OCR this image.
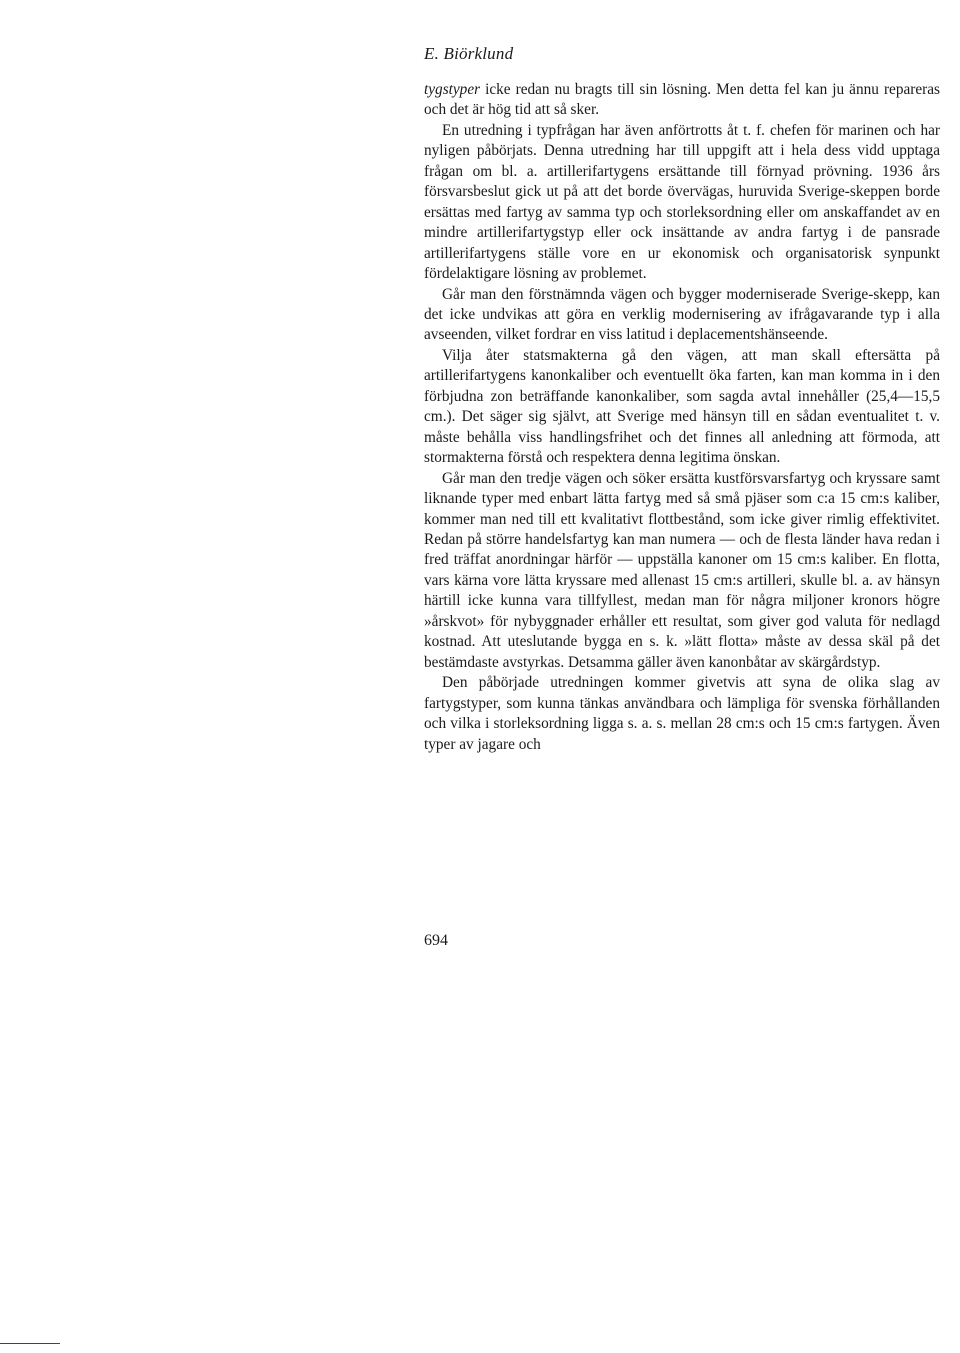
E. Biörklund

tygstyper icke redan nu bragts till sin lösning. Men detta fel kan ju ännu repareras och det är hög tid att så sker.

En utredning i typfrågan har även anförtrotts åt t. f. chefen för marinen och har nyligen påbörjats. Denna utredning har till uppgift att i hela dess vidd upptaga frågan om bl. a. artillerifartygens ersättande till förnyad prövning. 1936 års försvarsbeslut gick ut på att det borde övervägas, huruvida Sverige-skeppen borde ersättas med fartyg av samma typ och storleksordning eller om anskaffandet av en mindre artillerifartygstyp eller ock insättande av andra fartyg i de pansrade artillerifartygens ställe vore en ur ekonomisk och organisatorisk synpunkt fördelaktigare lösning av problemet.

Går man den förstnämnda vägen och bygger moderniserade Sverige-skepp, kan det icke undvikas att göra en verklig modernisering av ifrågavarande typ i alla avseenden, vilket fordrar en viss latitud i deplacementshänseende.

Vilja åter statsmakterna gå den vägen, att man skall eftersätta på artillerifartygens kanonkaliber och eventuellt öka farten, kan man komma in i den förbjudna zon beträffande kanonkaliber, som sagda avtal innehåller (25,4—15,5 cm.). Det säger sig självt, att Sverige med hänsyn till en sådan eventualitet t. v. måste behålla viss handlingsfrihet och det finnes all anledning att förmoda, att stormakterna förstå och respektera denna legitima önskan.

Går man den tredje vägen och söker ersätta kustförsvarsfartyg och kryssare samt liknande typer med enbart lätta fartyg med så små pjäser som c:a 15 cm:s kaliber, kommer man ned till ett kvalitativt flottbestånd, som icke giver rimlig effektivitet. Redan på större handelsfartyg kan man numera — och de flesta länder hava redan i fred träffat anordningar härför — uppställa kanoner om 15 cm:s kaliber. En flotta, vars kärna vore lätta kryssare med allenast 15 cm:s artilleri, skulle bl. a. av hänsyn härtill icke kunna vara tillfyllest, medan man för några miljoner kronors högre »årskvot» för nybyggnader erhåller ett resultat, som giver god valuta för nedlagd kostnad. Att uteslutande bygga en s. k. »lätt flotta» måste av dessa skäl på det bestämdaste avstyrkas. Detsamma gäller även kanonbåtar av skärgårdstyp.

Den påbörjade utredningen kommer givetvis att syna de olika slag av fartygstyper, som kunna tänkas användbara och lämpliga för svenska förhållanden och vilka i storleksordning ligga s. a. s. mellan 28 cm:s och 15 cm:s fartygen. Även typer av jagare och

694
